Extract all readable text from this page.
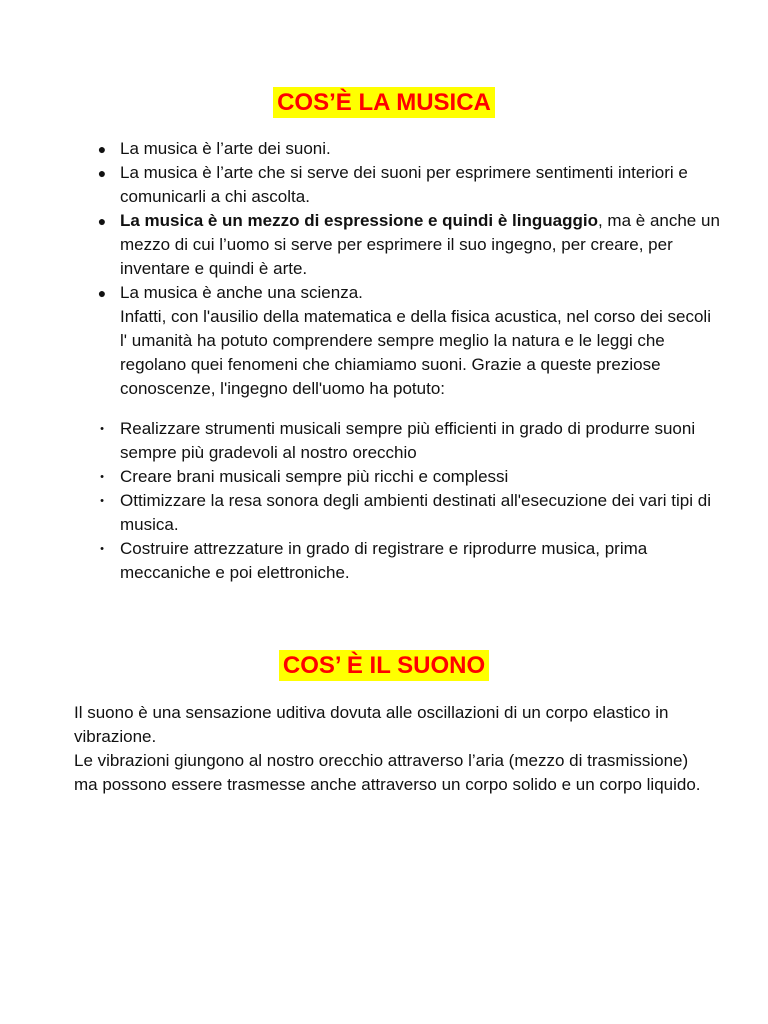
COS’È LA MUSICA
● La musica è l’arte dei suoni.
● La musica è l’arte che si serve dei suoni per esprimere sentimenti interiori e comunicarli a chi ascolta.
● La musica è un mezzo di espressione e quindi è linguaggio, ma è anche un mezzo di cui l’uomo si serve per esprimere il suo ingegno, per creare, per inventare e quindi è arte.
● La musica è anche una scienza.
Infatti, con l'ausilio della matematica e della fisica acustica, nel corso dei secoli l' umanità ha potuto comprendere sempre meglio la natura e le leggi che regolano quei fenomeni che chiamiamo suoni. Grazie a queste preziose conoscenze, l'ingegno dell'uomo ha potuto:
• Realizzare strumenti musicali sempre più efficienti in grado di produrre suoni sempre più gradevoli al nostro orecchio
• Creare brani musicali sempre più ricchi e complessi
• Ottimizzare la resa sonora degli ambienti destinati all'esecuzione dei vari tipi di musica.
• Costruire attrezzature in grado di registrare e riprodurre musica, prima meccaniche e poi elettroniche.
COS’ È IL SUONO
Il suono è una sensazione uditiva dovuta alle oscillazioni di un corpo elastico in vibrazione.
Le vibrazioni giungono al nostro orecchio attraverso l’aria (mezzo di trasmissione) ma possono essere trasmesse anche attraverso un corpo solido e un corpo liquido.
